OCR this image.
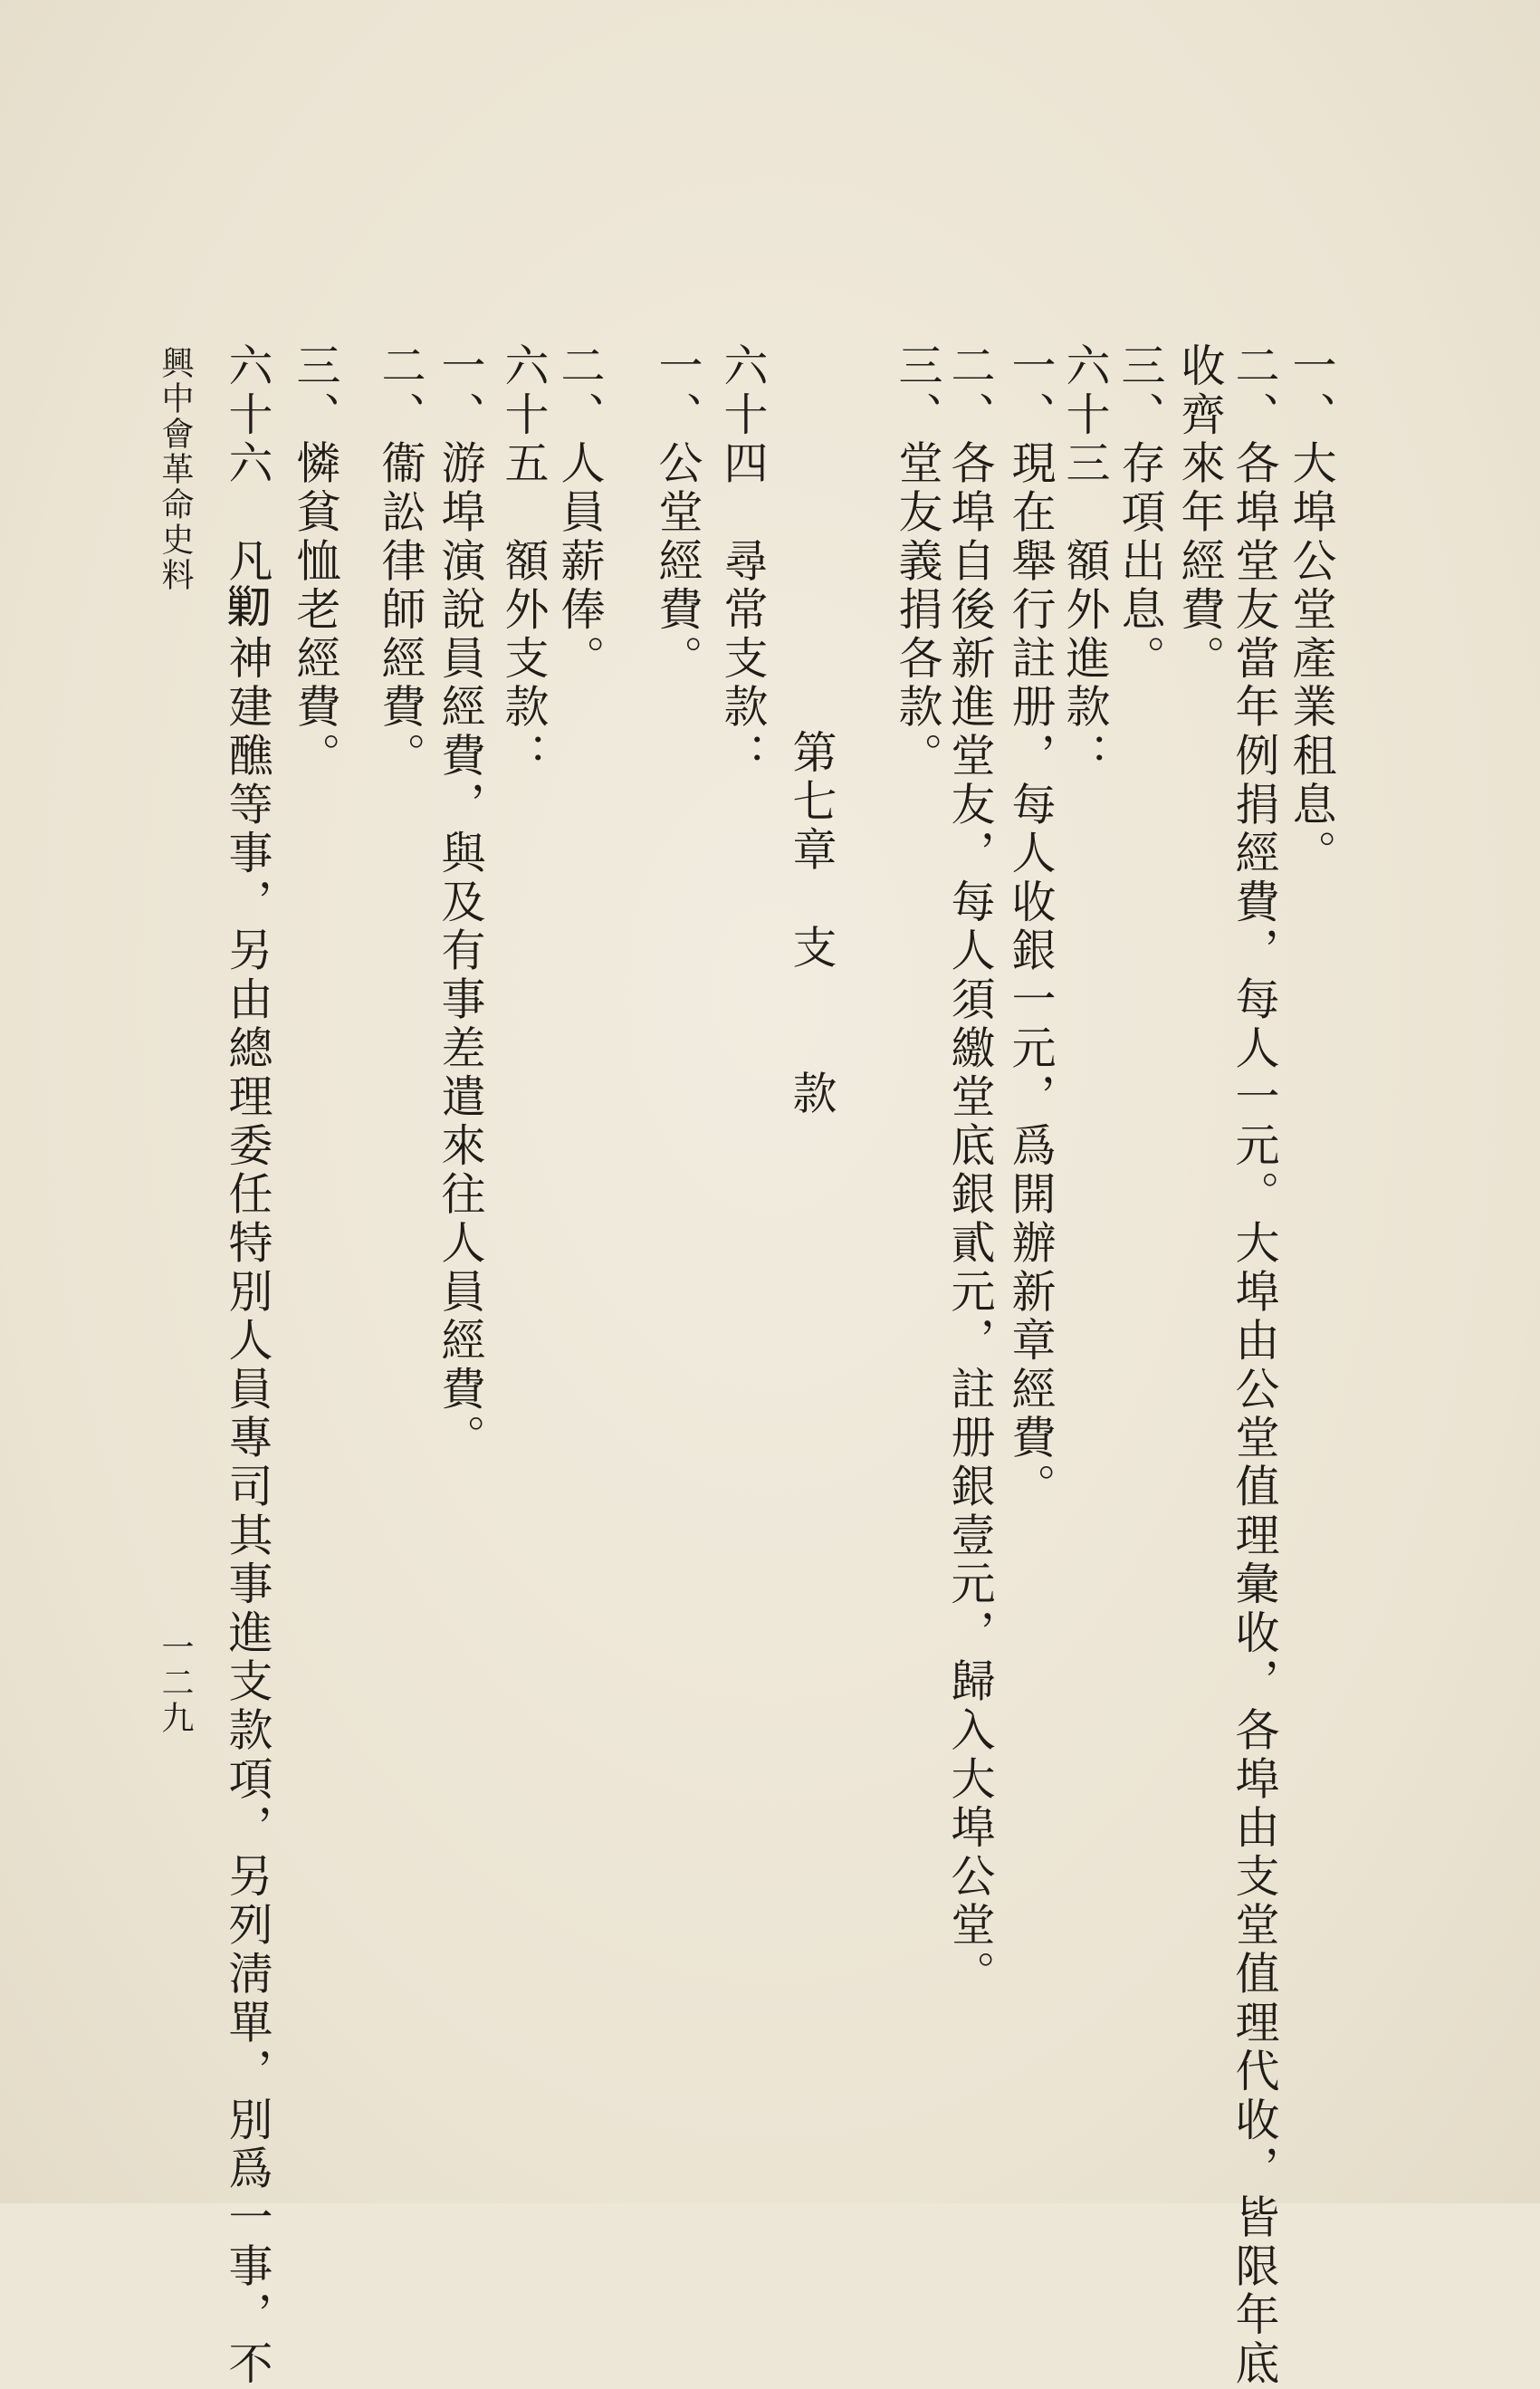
一、大埠公堂產業租息。
二、各埠堂友當年例捐經費，每人一元。大埠由公堂值理彙收，各埠由支堂值理代收，皆限年底
收齊來年經費。
三、存項出息。
六十三　額外進款：
一、現在舉行註册，每人收銀一元，爲開辦新章經費。
二、各埠自後新進堂友，每人須繳堂底銀貳元，註册銀壹元，歸入大埠公堂。
三、堂友義捐各款。
第七章　支　　款
六十四　尋常支款：
一、公堂經費。
二、人員薪俸。
六十五　額外支款：
一、游埠演說員經費，與及有事差遣來往人員經費。
二、衞訟律師經費。
三、憐貧恤老經費。
六十六　凡𠞰神建醮等事，另由總理委任特別人員專司其事進支款項，另列淸單，別爲一事，不
興中會革命史料
一二九
